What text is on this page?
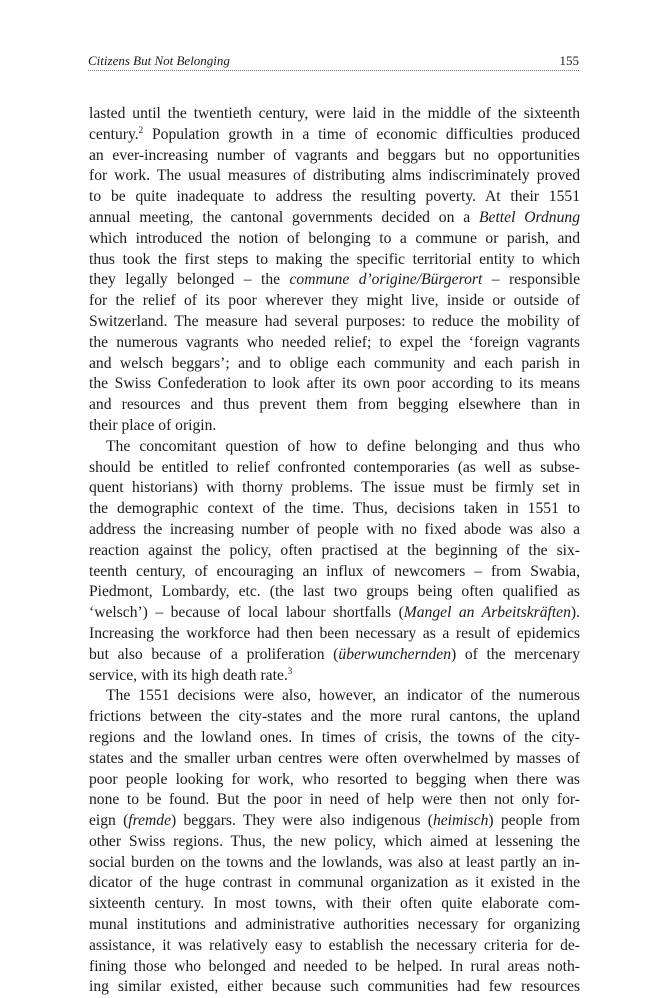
Citizens But Not Belonging	155
lasted until the twentieth century, were laid in the middle of the sixteenth
century.$^2$ Population growth in a time of economic difficulties produced
an ever-increasing number of vagrants and beggars but no opportunities
for work. The usual measures of distributing alms indiscriminately proved
to be quite inadequate to address the resulting poverty. At their 1551
annual meeting, the cantonal governments decided on a Bettel Ordnung
which introduced the notion of belonging to a commune or parish, and
thus took the first steps to making the specific territorial entity to which
they legally belonged – the commune d’origine/Bürgerort – responsible
for the relief of its poor wherever they might live, inside or outside of
Switzerland. The measure had several purposes: to reduce the mobility of
the numerous vagrants who needed relief; to expel the ‘foreign vagrants
and welsch beggars’; and to oblige each community and each parish in
the Swiss Confederation to look after its own poor according to its means
and resources and thus prevent them from begging elsewhere than in
their place of origin.
The concomitant question of how to define belonging and thus who
should be entitled to relief confronted contemporaries (as well as subse-
quent historians) with thorny problems. The issue must be firmly set in
the demographic context of the time. Thus, decisions taken in 1551 to
address the increasing number of people with no fixed abode was also a
reaction against the policy, often practised at the beginning of the six-
teenth century, of encouraging an influx of newcomers – from Swabia,
Piedmont, Lombardy, etc. (the last two groups being often qualified as
‘welsch’) – because of local labour shortfalls (Mangel an Arbeitskräften).
Increasing the workforce had then been necessary as a result of epidemics
but also because of a proliferation (überwunchernden) of the mercenary
service, with its high death rate.$^3$
The 1551 decisions were also, however, an indicator of the numerous
frictions between the city-states and the more rural cantons, the upland
regions and the lowland ones. In times of crisis, the towns of the city-
states and the smaller urban centres were often overwhelmed by masses of
poor people looking for work, who resorted to begging when there was
none to be found. But the poor in need of help were then not only for-
eign (fremde) beggars. They were also indigenous (heimisch) people from
other Swiss regions. Thus, the new policy, which aimed at lessening the
social burden on the towns and the lowlands, was also at least partly an in-
dicator of the huge contrast in communal organization as it existed in the
sixteenth century. In most towns, with their often quite elaborate com-
munal institutions and administrative authorities necessary for organizing
assistance, it was relatively easy to establish the necessary criteria for de-
fining those who belonged and needed to be helped. In rural areas noth-
ing similar existed, either because such communities had few resources
